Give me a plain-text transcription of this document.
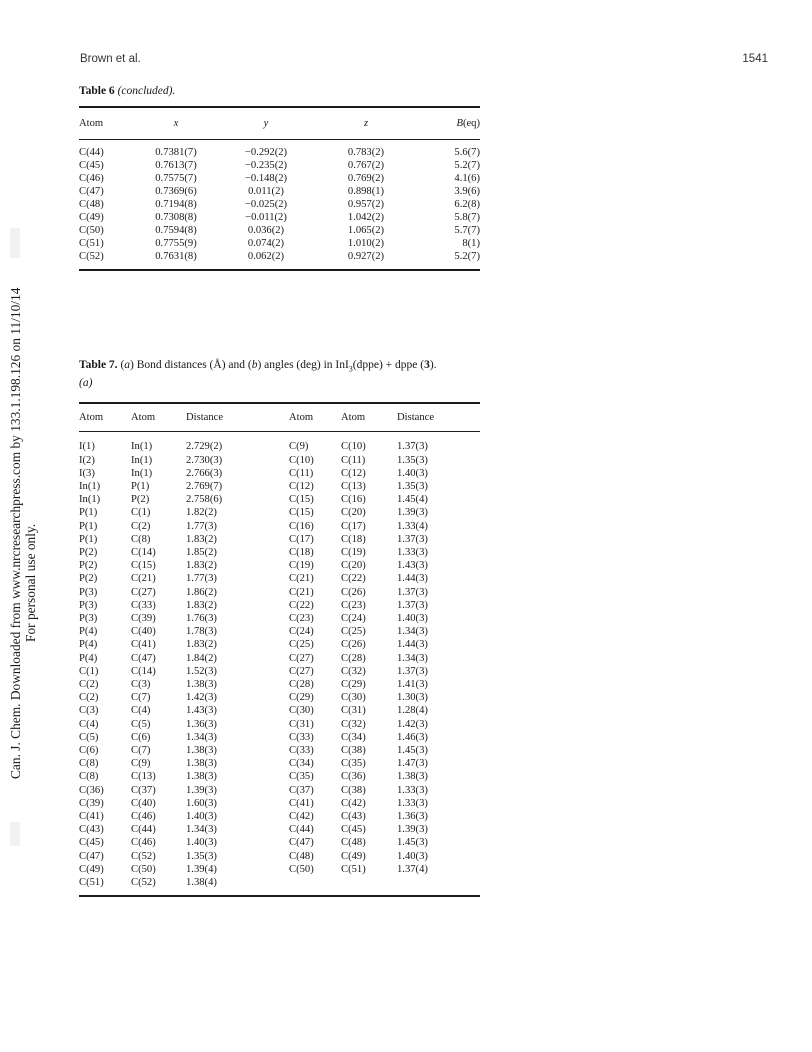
Brown et al.	1541
Can. J. Chem. Downloaded from www.nrcresearchpress.com by 133.1.198.126 on 11/10/14 For personal use only.
Table 6 (concluded).
Atom	x	y	z	B(eq)

C(44)	0.7381(7)	−0.292(2)	0.783(2)	5.6(7)
C(45)	0.7613(7)	−0.235(2)	0.767(2)	5.2(7)
C(46)	0.7575(7)	−0.148(2)	0.769(2)	4.1(6)
C(47)	0.7369(6)	0.011(2)	0.898(1)	3.9(6)
C(48)	0.7194(8)	−0.025(2)	0.957(2)	6.2(8)
C(49)	0.7308(8)	−0.011(2)	1.042(2)	5.8(7)
C(50)	0.7594(8)	0.036(2)	1.065(2)	5.7(7)
C(51)	0.7755(9)	0.074(2)	1.010(2)	8(1)
C(52)	0.7631(8)	0.062(2)	0.927(2)	5.2(7)
Table 7. (a) Bond distances (Å) and (b) angles (deg) in InI$_3$(dppe) + dppe (3).
(a)
Atom	Atom	Distance	Atom	Atom	Distance

I(1)	In(1)	2.729(2)	C(9)	C(10)	1.37(3)
I(2)	In(1)	2.730(3)	C(10)	C(11)	1.35(3)
I(3)	In(1)	2.766(3)	C(11)	C(12)	1.40(3)
In(1)	P(1)	2.769(7)	C(12)	C(13)	1.35(3)
In(1)	P(2)	2.758(6)	C(15)	C(16)	1.45(4)
P(1)	C(1)	1.82(2)	C(15)	C(20)	1.39(3)
P(1)	C(2)	1.77(3)	C(16)	C(17)	1.33(4)
P(1)	C(8)	1.83(2)	C(17)	C(18)	1.37(3)
P(2)	C(14)	1.85(2)	C(18)	C(19)	1.33(3)
P(2)	C(15)	1.83(2)	C(19)	C(20)	1.43(3)
P(2)	C(21)	1.77(3)	C(21)	C(22)	1.44(3)
P(3)	C(27)	1.86(2)	C(21)	C(26)	1.37(3)
P(3)	C(33)	1.83(2)	C(22)	C(23)	1.37(3)
P(3)	C(39)	1.76(3)	C(23)	C(24)	1.40(3)
P(4)	C(40)	1.78(3)	C(24)	C(25)	1.34(3)
P(4)	C(41)	1.83(2)	C(25)	C(26)	1.44(3)
P(4)	C(47)	1.84(2)	C(27)	C(28)	1.34(3)
C(1)	C(14)	1.52(3)	C(27)	C(32)	1.37(3)
C(2)	C(3)	1.38(3)	C(28)	C(29)	1.41(3)
C(2)	C(7)	1.42(3)	C(29)	C(30)	1.30(3)
C(3)	C(4)	1.43(3)	C(30)	C(31)	1.28(4)
C(4)	C(5)	1.36(3)	C(31)	C(32)	1.42(3)
C(5)	C(6)	1.34(3)	C(33)	C(34)	1.46(3)
C(6)	C(7)	1.38(3)	C(33)	C(38)	1.45(3)
C(8)	C(9)	1.38(3)	C(34)	C(35)	1.47(3)
C(8)	C(13)	1.38(3)	C(35)	C(36)	1.38(3)
C(36)	C(37)	1.39(3)	C(37)	C(38)	1.33(3)
C(39)	C(40)	1.60(3)	C(41)	C(42)	1.33(3)
C(41)	C(46)	1.40(3)	C(42)	C(43)	1.36(3)
C(43)	C(44)	1.34(3)	C(44)	C(45)	1.39(3)
C(45)	C(46)	1.40(3)	C(47)	C(48)	1.45(3)
C(47)	C(52)	1.35(3)	C(48)	C(49)	1.40(3)
C(49)	C(50)	1.39(4)	C(50)	C(51)	1.37(4)
C(51)	C(52)	1.38(4)			
